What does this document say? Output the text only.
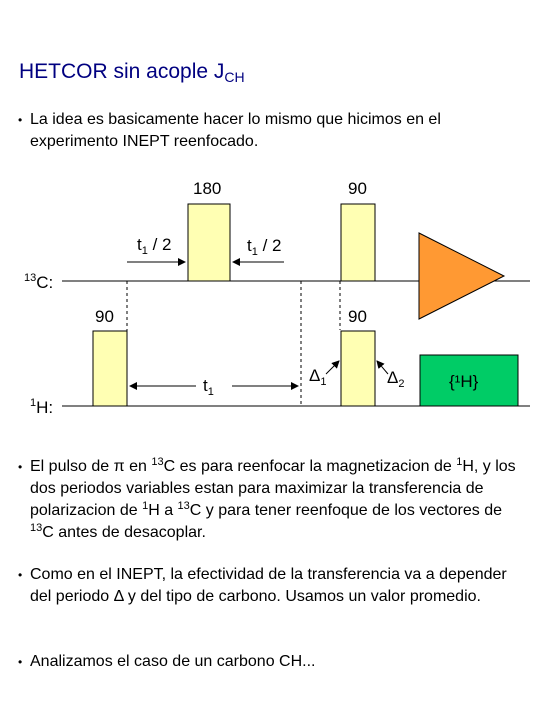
HETCOR sin acople $J_{CH}$
180	90
90	90
$^{13}$C:
$^1$H:
$t_1 / 2$	$t_1 / 2$
$t_1$
$\Delta_1$	$\Delta_2$	{¹H}
• La idea es basicamente hacer lo mismo que hicimos en el experimento INEPT reenfocado.
• El pulso de π en $^{13}$C es para reenfocar la magnetizacion de $^1$H, y los dos periodos variables estan para maximizar la transferencia de polarizacion de $^1$H a $^{13}$C y para tener reenfoque de los vectores de $^{13}$C antes de desacoplar.
• Como en el INEPT, la efectividad de la transferencia va a depender del periodo Δ y del tipo de carbono. Usamos un valor promedio.
• Analizamos el caso de un carbono CH...
